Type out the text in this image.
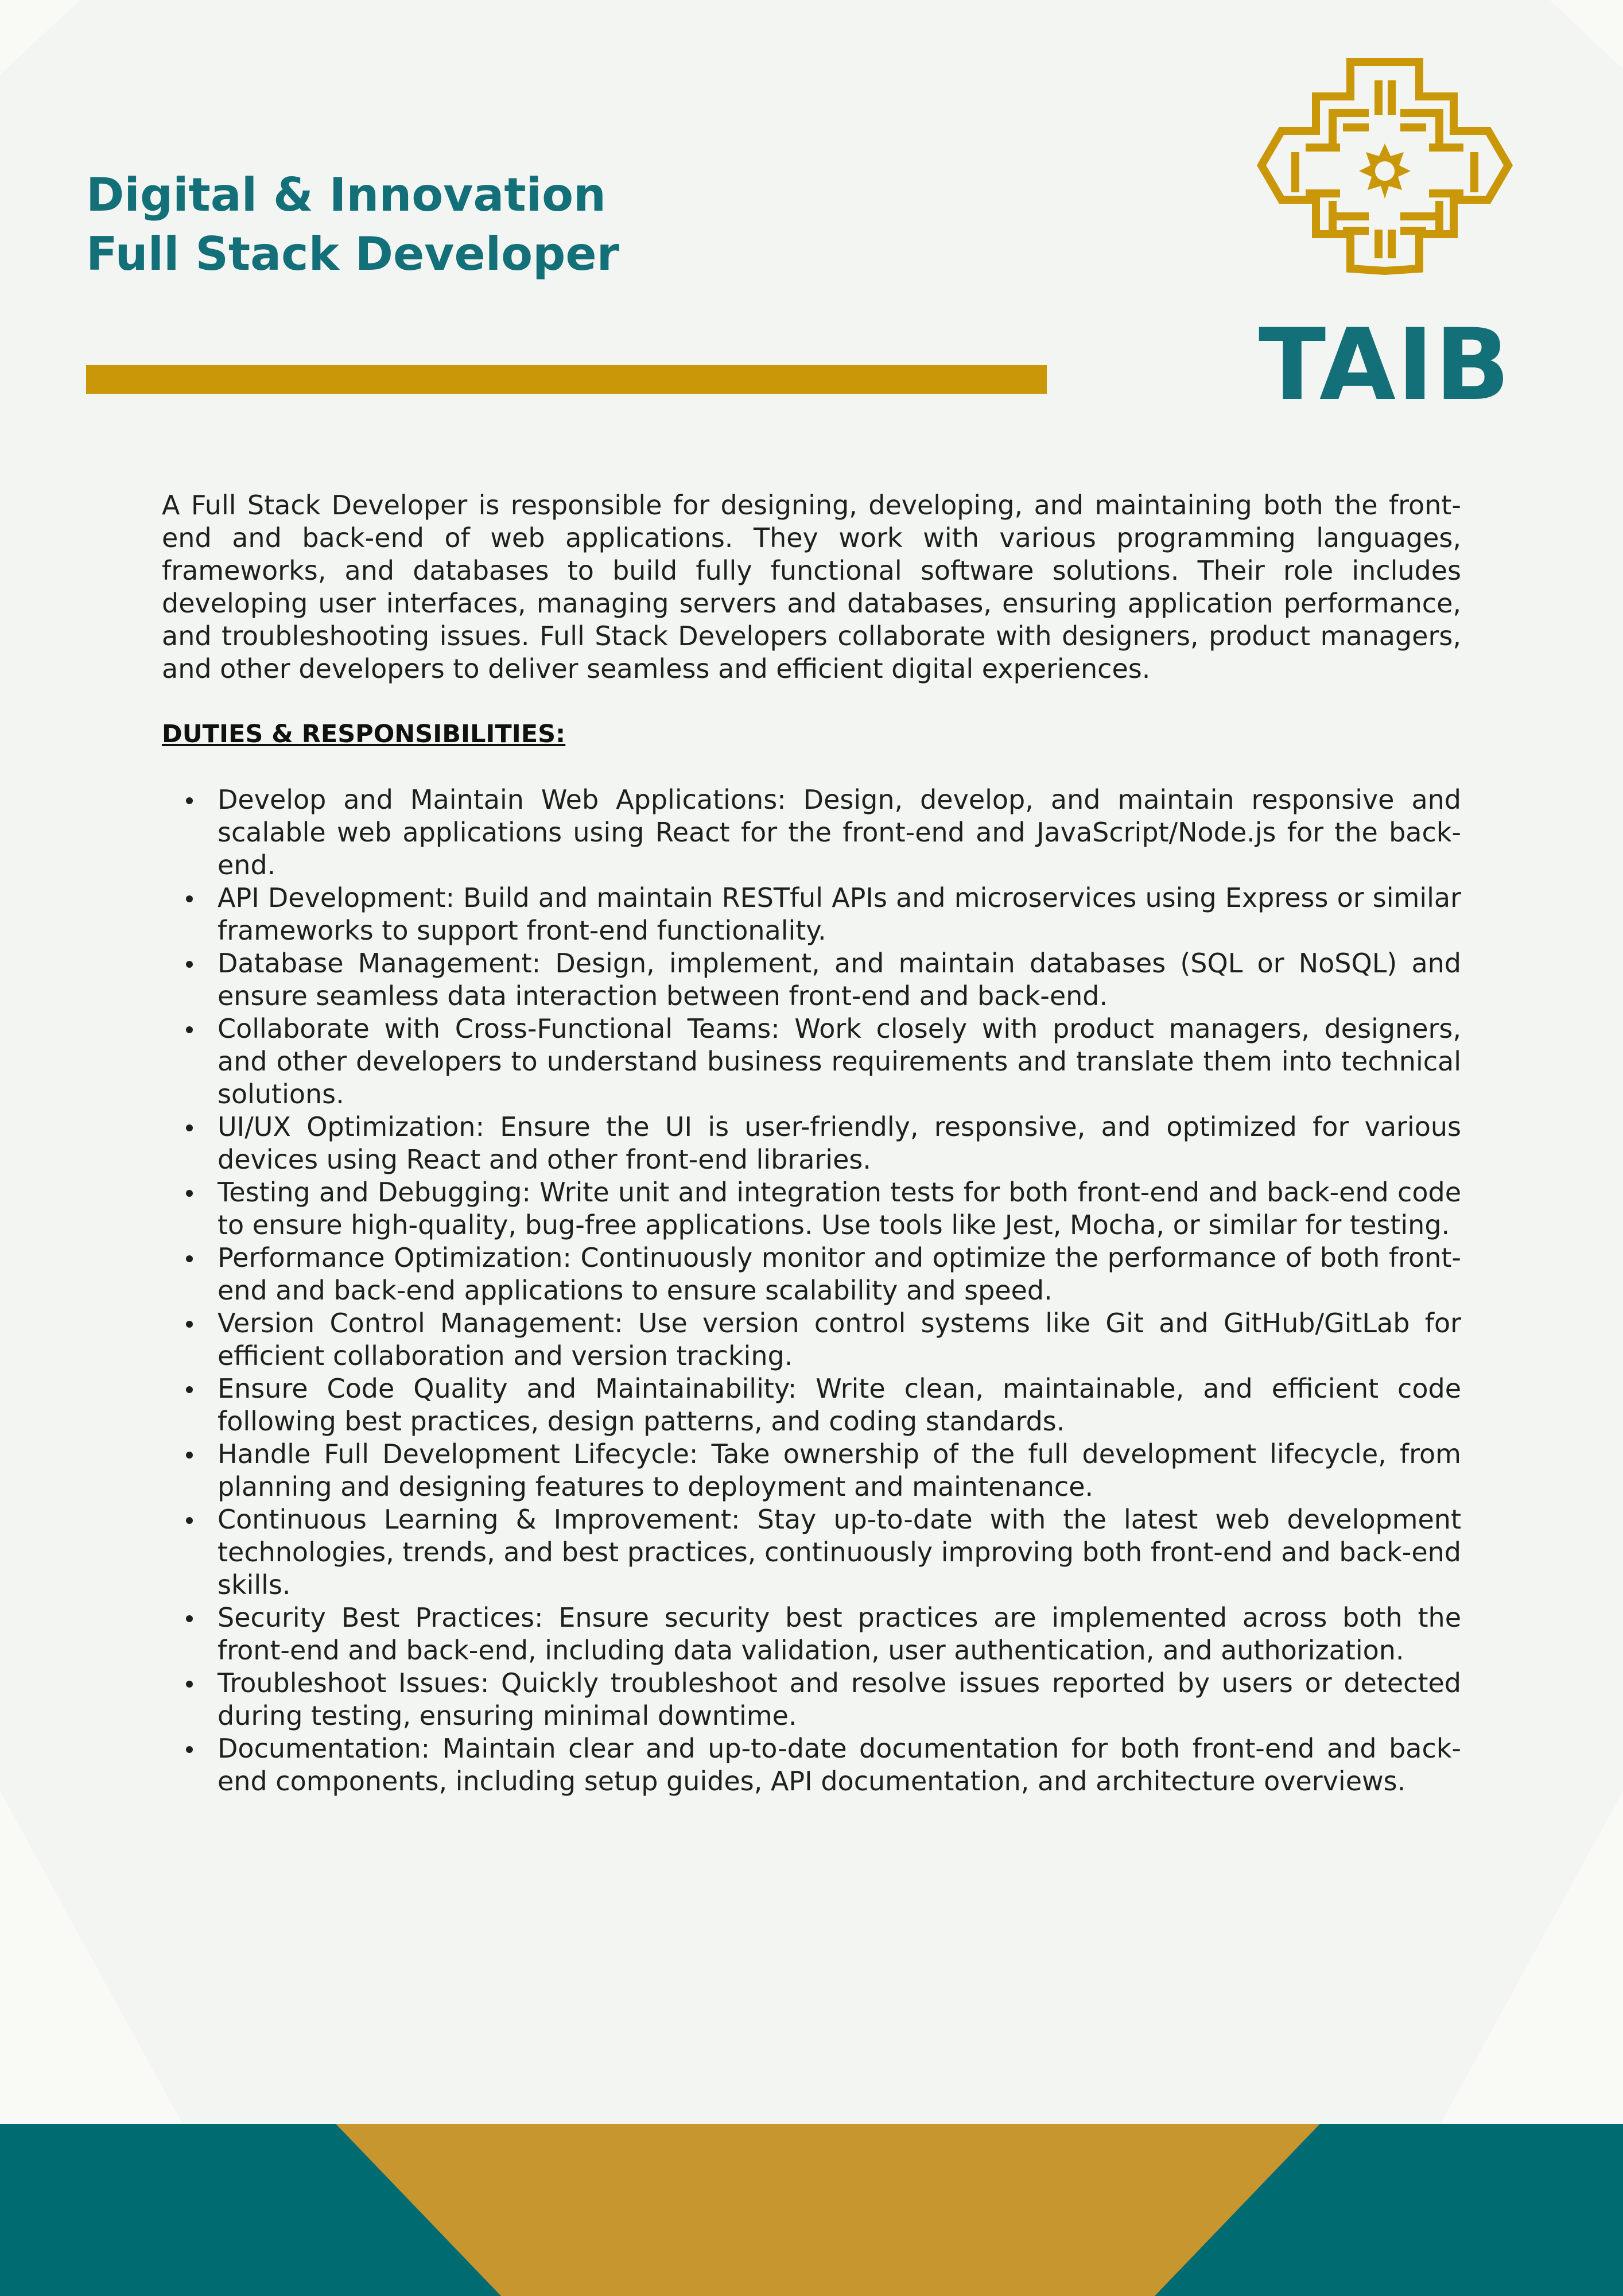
Digital & Innovation
Full Stack Developer
TAIB

A Full Stack Developer is responsible for designing, developing, and maintaining both the front-end and back-end of web applications. They work with various programming languages, frameworks, and databases to build fully functional software solutions. Their role includes developing user interfaces, managing servers and databases, ensuring application performance, and troubleshooting issues. Full Stack Developers collaborate with designers, product managers, and other developers to deliver seamless and efficient digital experiences.

DUTIES & RESPONSIBILITIES:

Develop and Maintain Web Applications: Design, develop, and maintain responsive and scalable web applications using React for the front-end and JavaScript/Node.js for the back-end.
API Development: Build and maintain RESTful APIs and microservices using Express or similar frameworks to support front-end functionality.
Database Management: Design, implement, and maintain databases (SQL or NoSQL) and ensure seamless data interaction between front-end and back-end.
Collaborate with Cross-Functional Teams: Work closely with product managers, designers, and other developers to understand business requirements and translate them into technical solutions.
UI/UX Optimization: Ensure the UI is user-friendly, responsive, and optimized for various devices using React and other front-end libraries.
Testing and Debugging: Write unit and integration tests for both front-end and back-end code to ensure high-quality, bug-free applications. Use tools like Jest, Mocha, or similar for testing.
Performance Optimization: Continuously monitor and optimize the performance of both front-end and back-end applications to ensure scalability and speed.
Version Control Management: Use version control systems like Git and GitHub/GitLab for efficient collaboration and version tracking.
Ensure Code Quality and Maintainability: Write clean, maintainable, and efficient code following best practices, design patterns, and coding standards.
Handle Full Development Lifecycle: Take ownership of the full development lifecycle, from planning and designing features to deployment and maintenance.
Continuous Learning & Improvement: Stay up-to-date with the latest web development technologies, trends, and best practices, continuously improving both front-end and back-end skills.
Security Best Practices: Ensure security best practices are implemented across both the front-end and back-end, including data validation, user authentication, and authorization.
Troubleshoot Issues: Quickly troubleshoot and resolve issues reported by users or detected during testing, ensuring minimal downtime.
Documentation: Maintain clear and up-to-date documentation for both front-end and back-end components, including setup guides, API documentation, and architecture overviews.
